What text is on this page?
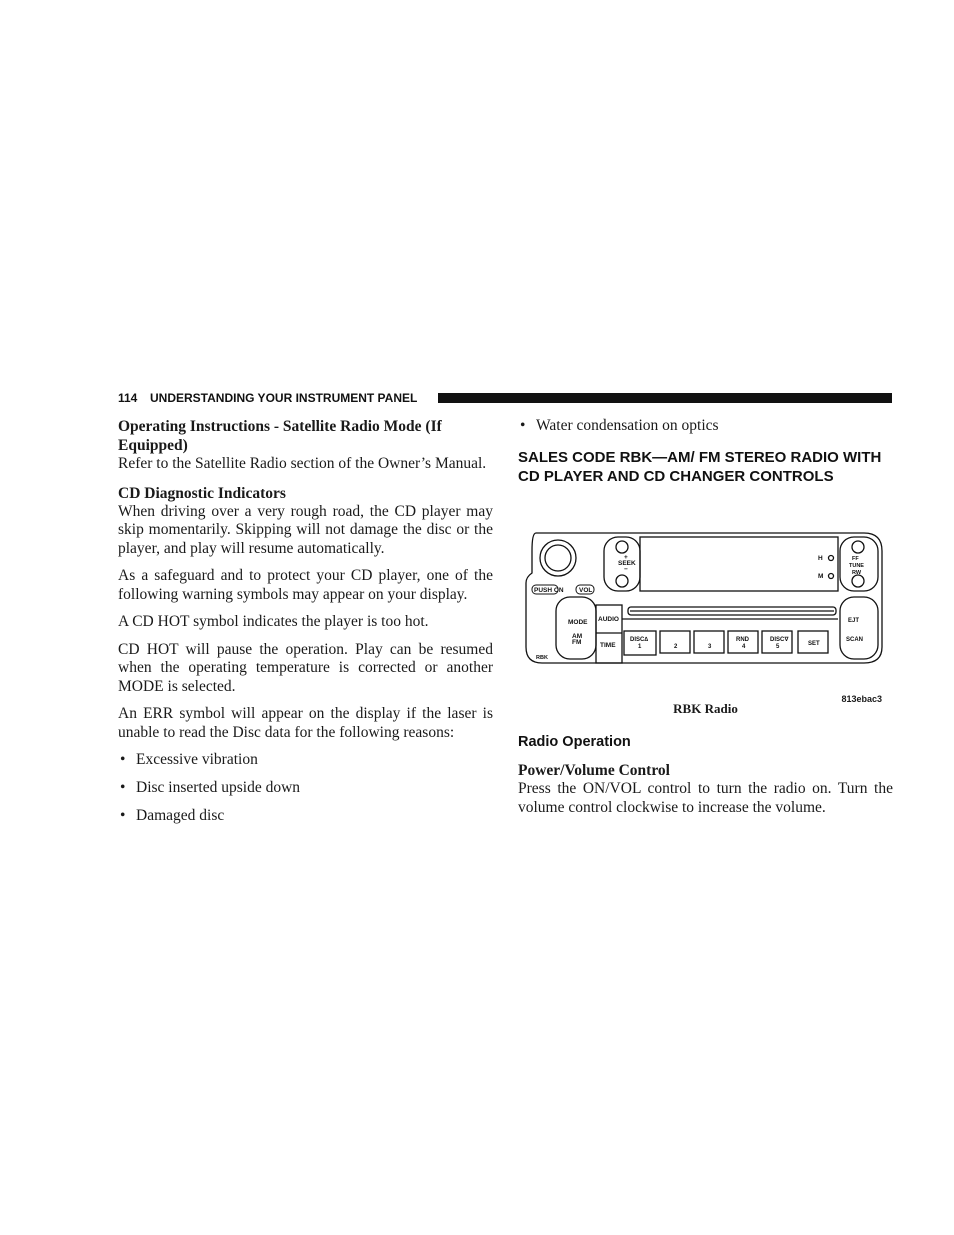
114 UNDERSTANDING YOUR INSTRUMENT PANEL

Operating Instructions - Satellite Radio Mode (If Equipped)

Refer to the Satellite Radio section of the Owner’s Manual.

CD Diagnostic Indicators

When driving over a very rough road, the CD player may skip momentarily. Skipping will not damage the disc or the player, and play will resume automatically.

As a safeguard and to protect your CD player, one of the following warning symbols may appear on your display.

A CD HOT symbol indicates the player is too hot.

CD HOT will pause the operation. Play can be resumed when the operating temperature is corrected or another MODE is selected.

An ERR symbol will appear on the display if the laser is unable to read the Disc data for the following reasons:

• Excessive vibration
• Disc inserted upside down
• Damaged disc
• Water condensation on optics

SALES CODE RBK—AM/ FM STEREO RADIO WITH CD PLAYER AND CD CHANGER CONTROLS

PUSH ON VOL
+
SEEK
−
H
M
FF
TUNE
RW
MODE AUDIO
AM
FM	TIME
DISC∆
1	2	3
RND
4
DISC∇
5	SET
EJT
SCAN
RBK
813ebac3

RBK Radio

Radio Operation

Power/Volume Control

Press the ON/VOL control to turn the radio on. Turn the volume control clockwise to increase the volume.
